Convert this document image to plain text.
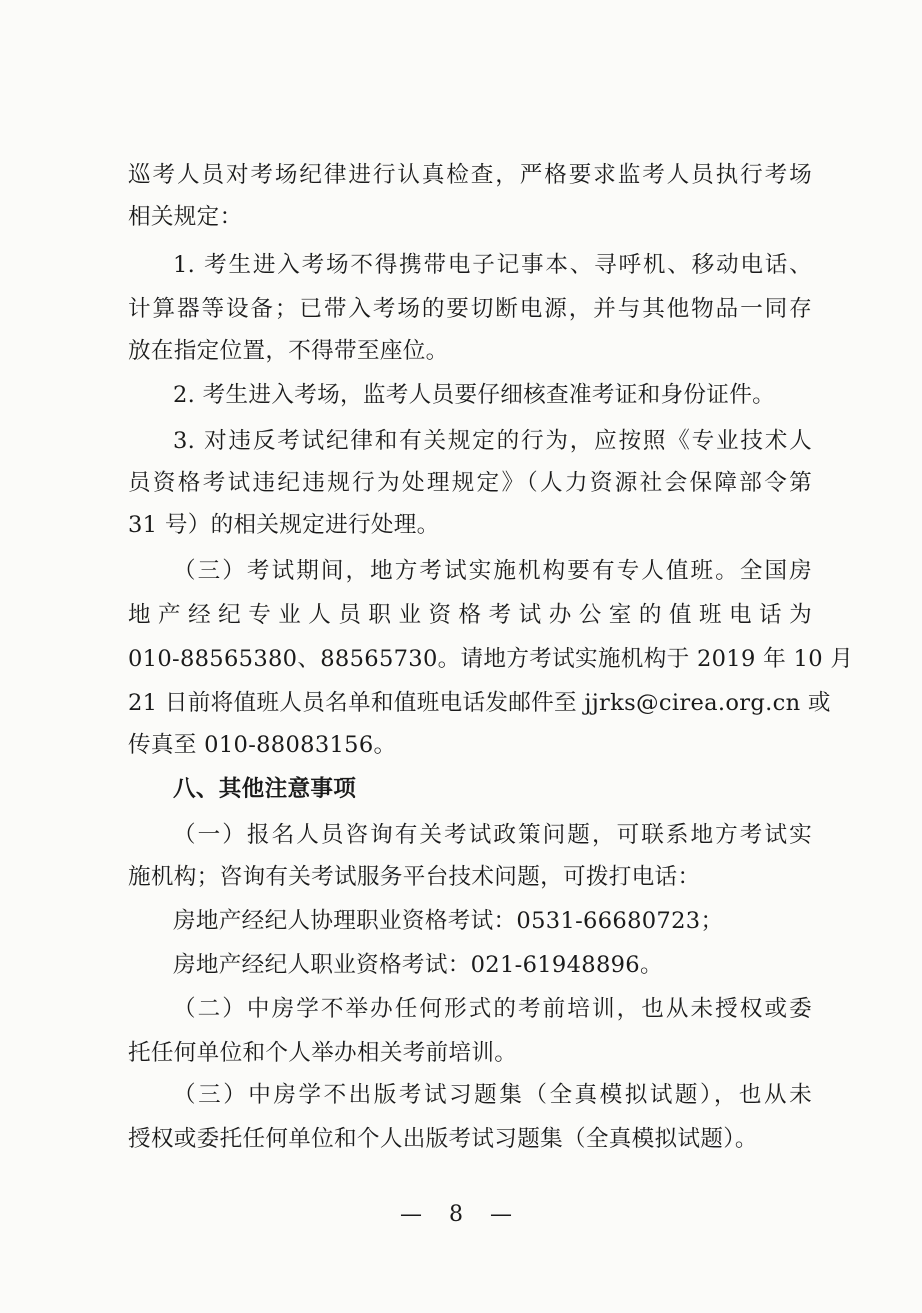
巡考人员对考场纪律进行认真检查，严格要求监考人员执行考场
相关规定：
1. 考生进入考场不得携带电子记事本、寻呼机、移动电话、
计算器等设备；已带入考场的要切断电源，并与其他物品一同存
放在指定位置，不得带至座位。
2. 考生进入考场，监考人员要仔细核查准考证和身份证件。
3. 对违反考试纪律和有关规定的行为，应按照《专业技术人
员资格考试违纪违规行为处理规定》（人力资源社会保障部令第
31 号）的相关规定进行处理。
（三）考试期间，地方考试实施机构要有专人值班。全国房
地产经纪专业人员职业资格考试办公室的值班电话为
010-88565380、88565730。请地方考试实施机构于 2019 年 10 月
21 日前将值班人员名单和值班电话发邮件至 jjrks@cirea.org.cn 或
传真至 010-88083156。
八、其他注意事项
（一）报名人员咨询有关考试政策问题，可联系地方考试实
施机构；咨询有关考试服务平台技术问题，可拨打电话：
房地产经纪人协理职业资格考试：0531-66680723；
房地产经纪人职业资格考试：021-61948896。
（二）中房学不举办任何形式的考前培训，也从未授权或委
托任何单位和个人举办相关考前培训。
（三）中房学不出版考试习题集（全真模拟试题），也从未
授权或委托任何单位和个人出版考试习题集（全真模拟试题）。
— 8 —
